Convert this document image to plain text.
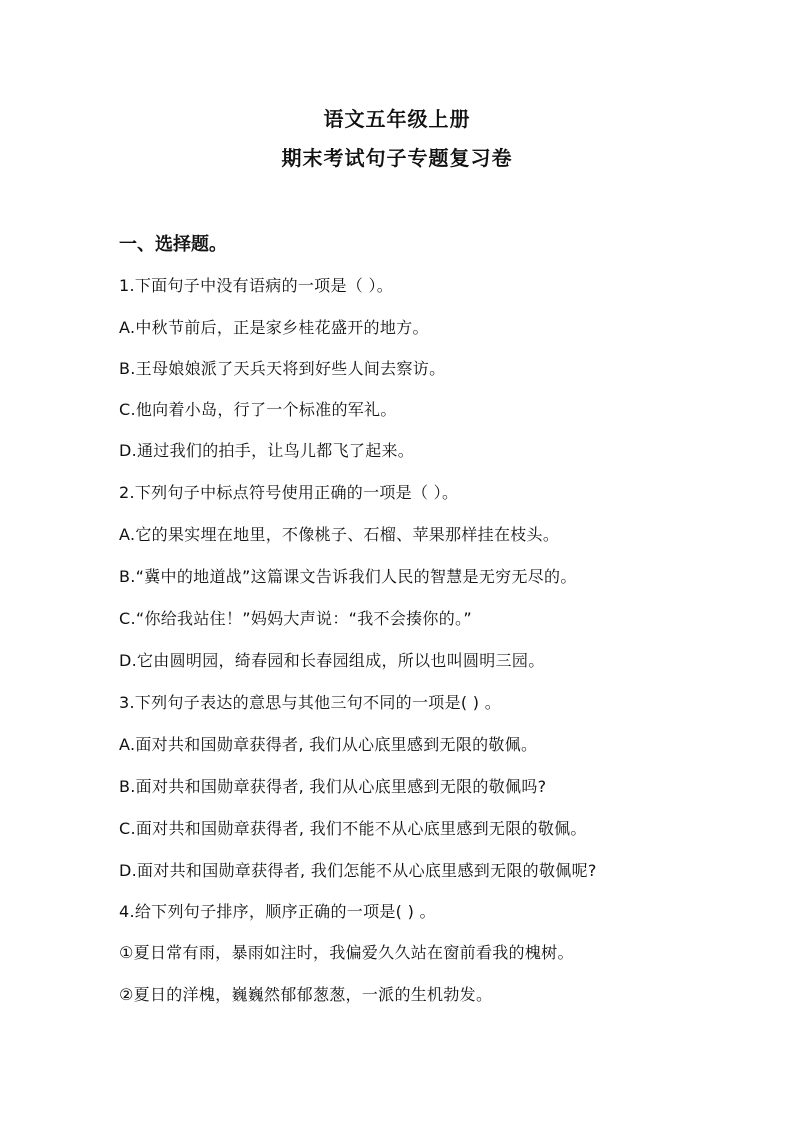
语文五年级上册
期末考试句子专题复习卷
一、选择题。
1.下面句子中没有语病的一项是（ ）。
A.中秋节前后，正是家乡桂花盛开的地方。
B.王母娘娘派了天兵天将到好些人间去察访。
C.他向着小岛，行了一个标准的军礼。
D.通过我们的拍手，让鸟儿都飞了起来。
2.下列句子中标点符号使用正确的一项是（ ）。
A.它的果实埋在地里，不像桃子、石榴、苹果那样挂在枝头。
B.“冀中的地道战”这篇课文告诉我们人民的智慧是无穷无尽的。
C.“你给我站住！”妈妈大声说：“我不会揍你的。”
D.它由圆明园，绮春园和长春园组成，所以也叫圆明三园。
3.下列句子表达的意思与其他三句不同的一项是( ) 。
A.面对共和国勋章获得者, 我们从心底里感到无限的敬佩。
B.面对共和国勋章获得者, 我们从心底里感到无限的敬佩吗?
C.面对共和国勋章获得者, 我们不能不从心底里感到无限的敬佩。
D.面对共和国勋章获得者, 我们怎能不从心底里感到无限的敬佩呢?
4.给下列句子排序，顺序正确的一项是( ) 。
①夏日常有雨，暴雨如注时，我偏爱久久站在窗前看我的槐树。
②夏日的洋槐，巍巍然郁郁葱葱，一派的生机勃发。
